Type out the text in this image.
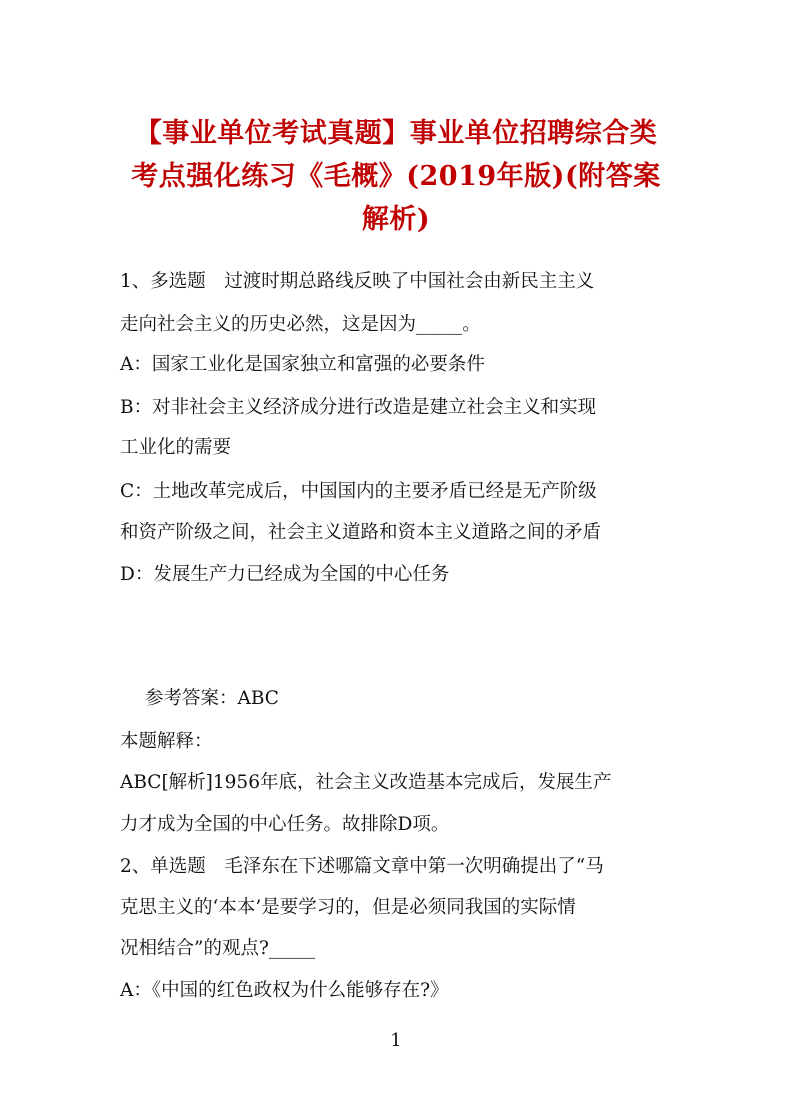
【事业单位考试真题】事业单位招聘综合类
考点强化练习《毛概》(2019年版)(附答案
解析)
1、多选题　过渡时期总路线反映了中国社会由新民主主义
走向社会主义的历史必然，这是因为_____。
A：国家工业化是国家独立和富强的必要条件
B：对非社会主义经济成分进行改造是建立社会主义和实现
工业化的需要
C：土地改革完成后，中国国内的主要矛盾已经是无产阶级
和资产阶级之间，社会主义道路和资本主义道路之间的矛盾
D：发展生产力已经成为全国的中心任务
参考答案：ABC
本题解释：
ABC[解析]1956年底，社会主义改造基本完成后，发展生产
力才成为全国的中心任务。故排除D项。
2、单选题　毛泽东在下述哪篇文章中第一次明确提出了“马
克思主义的‘本本’是要学习的，但是必须同我国的实际情
况相结合”的观点?_____
A：《中国的红色政权为什么能够存在?》
1
